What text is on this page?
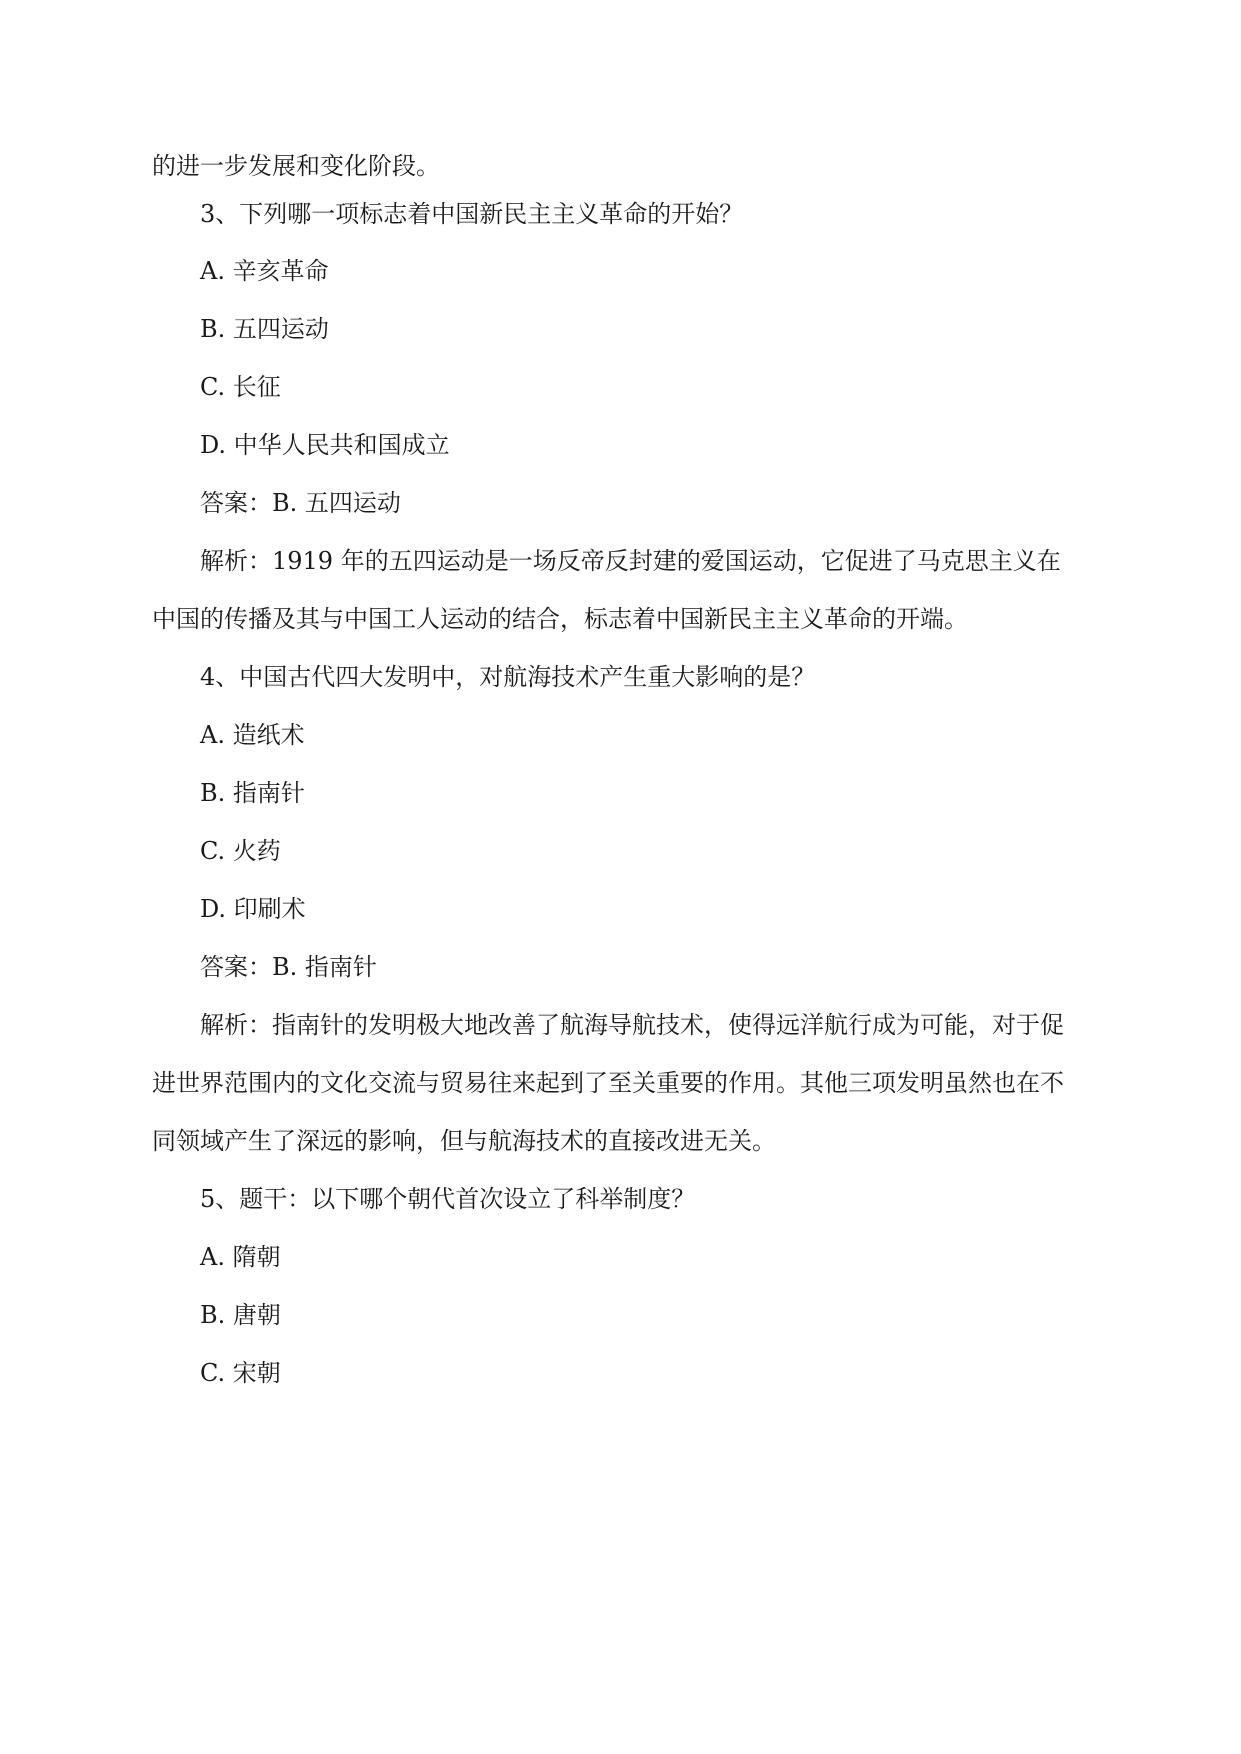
的进一步发展和变化阶段。
3、下列哪一项标志着中国新民主主义革命的开始？
A. 辛亥革命
B. 五四运动
C. 长征
D. 中华人民共和国成立
答案：B. 五四运动
解析：1919 年的五四运动是一场反帝反封建的爱国运动，它促进了马克思主义在
中国的传播及其与中国工人运动的结合，标志着中国新民主主义革命的开端。
4、中国古代四大发明中，对航海技术产生重大影响的是？
A. 造纸术
B. 指南针
C. 火药
D. 印刷术
答案：B. 指南针
解析：指南针的发明极大地改善了航海导航技术，使得远洋航行成为可能，对于促
进世界范围内的文化交流与贸易往来起到了至关重要的作用。其他三项发明虽然也在不
同领域产生了深远的影响，但与航海技术的直接改进无关。
5、题干：以下哪个朝代首次设立了科举制度？
A. 隋朝
B. 唐朝
C. 宋朝
